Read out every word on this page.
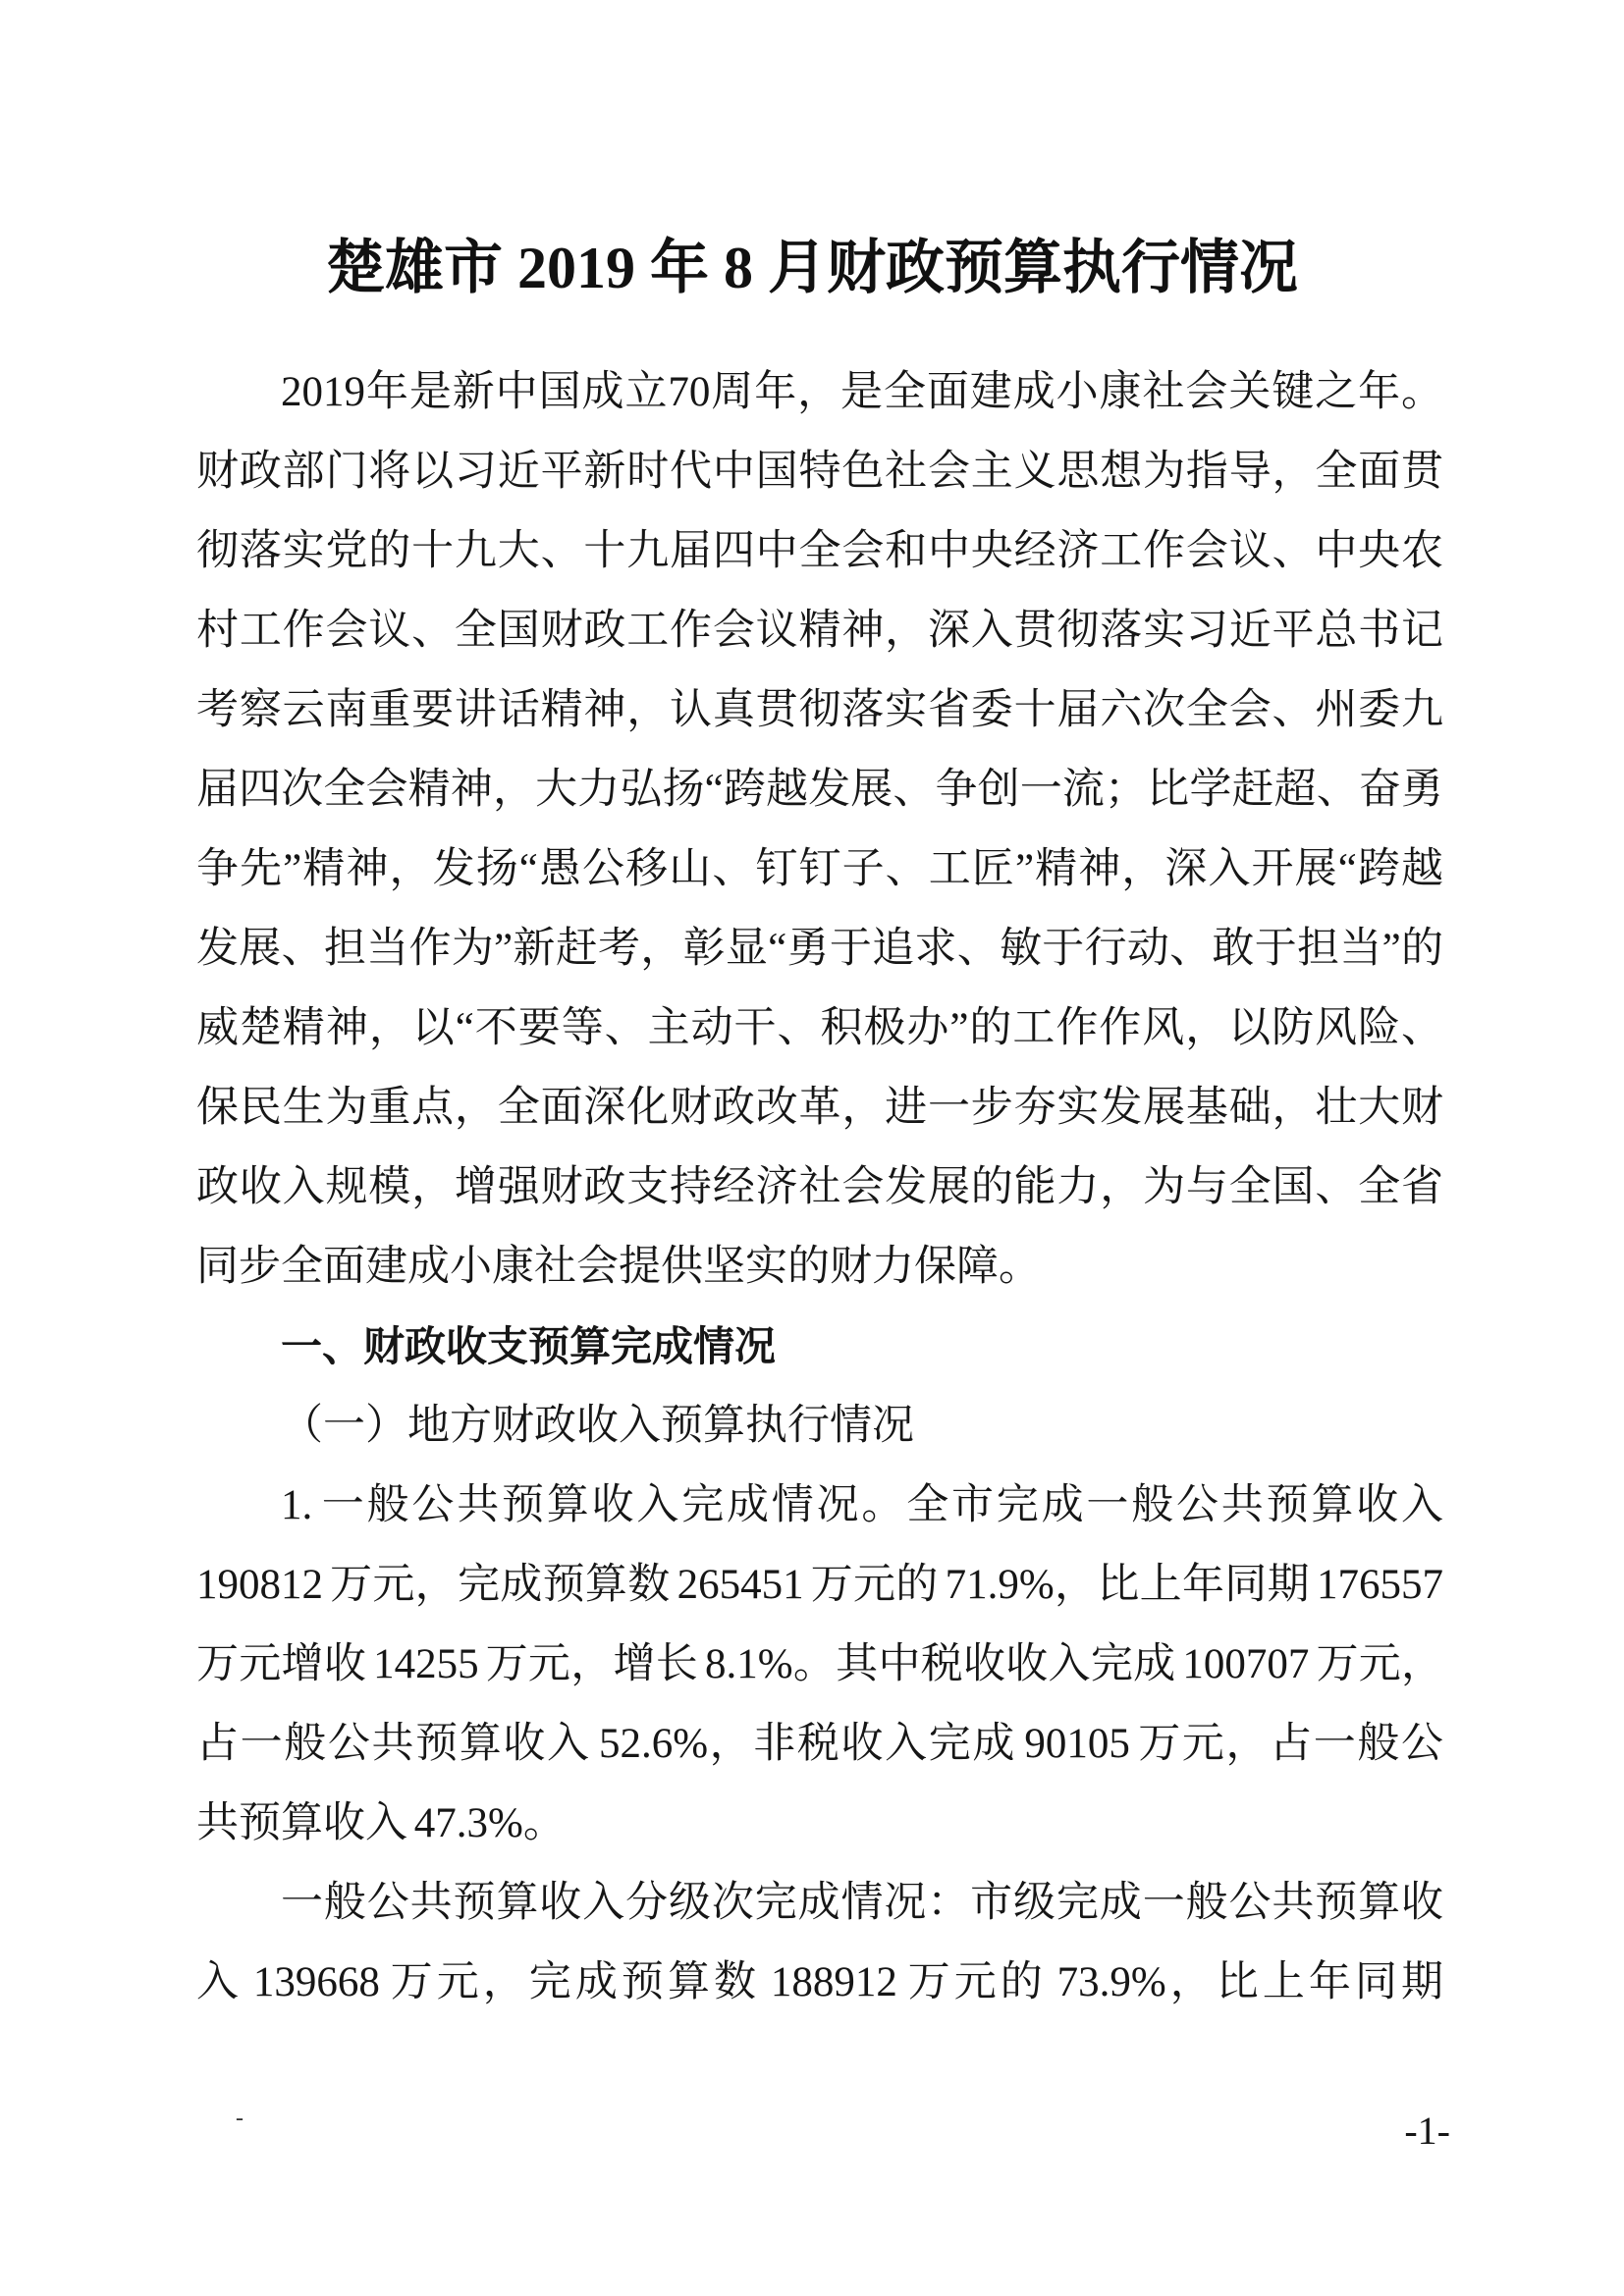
楚雄市 2019 年 8 月财政预算执行情况
2019年是新中国成立70周年，是全面建成小康社会关键之年。
财政部门将以习近平新时代中国特色社会主义思想为指导，全面贯
彻落实党的十九大、十九届四中全会和中央经济工作会议、中央农
村工作会议、全国财政工作会议精神，深入贯彻落实习近平总书记
考察云南重要讲话精神，认真贯彻落实省委十届六次全会、州委九
届四次全会精神，大力弘扬“跨越发展、争创一流；比学赶超、奋勇
争先”精神，发扬“愚公移山、钉钉子、工匠”精神，深入开展“跨越
发展、担当作为”新赶考，彰显“勇于追求、敏于行动、敢于担当”的
威楚精神，以“不要等、主动干、积极办”的工作作风，以防风险、
保民生为重点，全面深化财政改革，进一步夯实发展基础，壮大财
政收入规模，增强财政支持经济社会发展的能力，为与全国、全省
同步全面建成小康社会提供坚实的财力保障。
一、财政收支预算完成情况
（一）地方财政收入预算执行情况
1. 一般公共预算收入完成情况。全市完成一般公共预算收入
190812 万元，完成预算数 265451 万元的 71.9%，比上年同期 176557
万元增收 14255 万元，增长 8.1%。其中税收收入完成 100707 万元，
占一般公共预算收入 52.6%，非税收入完成 90105 万元，占一般公
共预算收入 47.3%。
一般公共预算收入分级次完成情况：市级完成一般公共预算收
入 139668 万元，完成预算数 188912 万元的 73.9%，比上年同期
-	-1-
